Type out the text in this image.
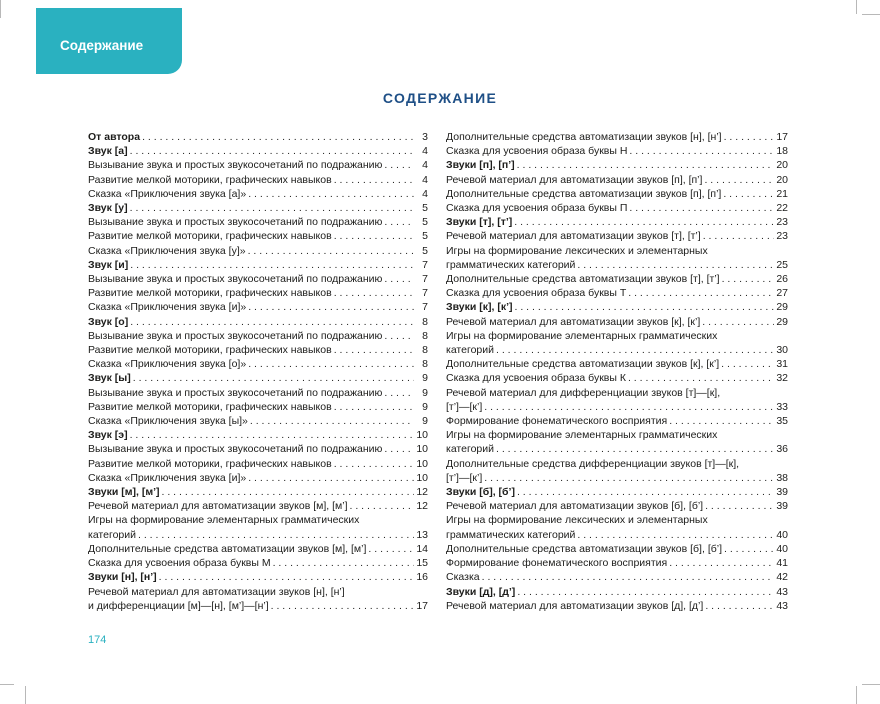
Содержание
СОДЕРЖАНИЕ
От автора . . .	3
Звук [а] . . .	4
Вызывание звука и простых звукосочетаний по подражанию . . .	4
Развитие мелкой моторики, графических навыков . . .	4
Сказка «Приключения звука [а]» . . .	4
Звук [у] . . .	5
Вызывание звука и простых звукосочетаний по подражанию . . .	5
Развитие мелкой моторики, графических навыков . . .	5
Сказка «Приключения звука [у]» . . .	5
Звук [и] . . .	7
Вызывание звука и простых звукосочетаний по подражанию . . .	7
Развитие мелкой моторики, графических навыков . . .	7
Сказка «Приключения звука [и]» . . .	7
Звук [о] . . .	8
Вызывание звука и простых звукосочетаний по подражанию . . .	8
Развитие мелкой моторики, графических навыков . . .	8
Сказка «Приключения звука [о]» . . .	8
Звук [ы] . . .	9
Вызывание звука и простых звукосочетаний по подражанию . . .	9
Развитие мелкой моторики, графических навыков . . .	9
Сказка «Приключения звука [ы]» . . .	9
Звук [э] . . .	10
Вызывание звука и простых звукосочетаний по подражанию . . .	10
Развитие мелкой моторики, графических навыков . . .	10
Сказка «Приключения звука [и]» . . .	10
Звуки [м], [м’] . . .	12
Речевой материал для автоматизации звуков [м], [м’] . . .	12
Игры на формирование элементарных грамматических
категорий . . .	13
Дополнительные средства автоматизации звуков [м], [м’] . . .	14
Сказка для усвоения образа буквы М . . .	15
Звуки [н], [н’] . . .	16
Речевой материал для автоматизации звуков [н], [н’]
и дифференциации [м]—[н], [м’]—[н’] . . .	17
Дополнительные средства автоматизации звуков [н], [н’] . . .	17
Сказка для усвоения образа буквы Н . . .	18
Звуки [п], [п’] . . .	20
Речевой материал для автоматизации звуков [п], [п’] . . .	20
Дополнительные средства автоматизации звуков [п], [п’] . . .	21
Сказка для усвоения образа буквы П . . .	22
Звуки [т], [т’] . . .	23
Речевой материал для автоматизации звуков [т], [т’] . . .	23
Игры на формирование лексических и элементарных
грамматических категорий . . .	25
Дополнительные средства автоматизации звуков [т], [т’] . . .	26
Сказка для усвоения образа буквы Т . . .	27
Звуки [к], [к’] . . .	29
Речевой материал для автоматизации звуков [к], [к’] . . .	29
Игры на формирование элементарных грамматических
категорий . . .	30
Дополнительные средства автоматизации звуков [к], [к’] . . .	31
Сказка для усвоения образа буквы К . . .	32
Речевой материал для дифференциации звуков [т]—[к],
[т’]—[к’] . . .	33
Формирование фонематического восприятия . . .	35
Игры на формирование элементарных грамматических
категорий . . .	36
Дополнительные средства дифференциации звуков [т]—[к],
[т’]—[к’] . . .	38
Звуки [б], [б’] . . .	39
Речевой материал для автоматизации звуков [б], [б’] . . .	39
Игры на формирование лексических и элементарных
грамматических категорий . . .	40
Дополнительные средства автоматизации звуков [б], [б’] . . .	40
Формирование фонематического восприятия . . .	41
Сказка . . .	42
Звуки [д], [д’] . . .	43
Речевой материал для автоматизации звуков [д], [д’] . . .	43
174
